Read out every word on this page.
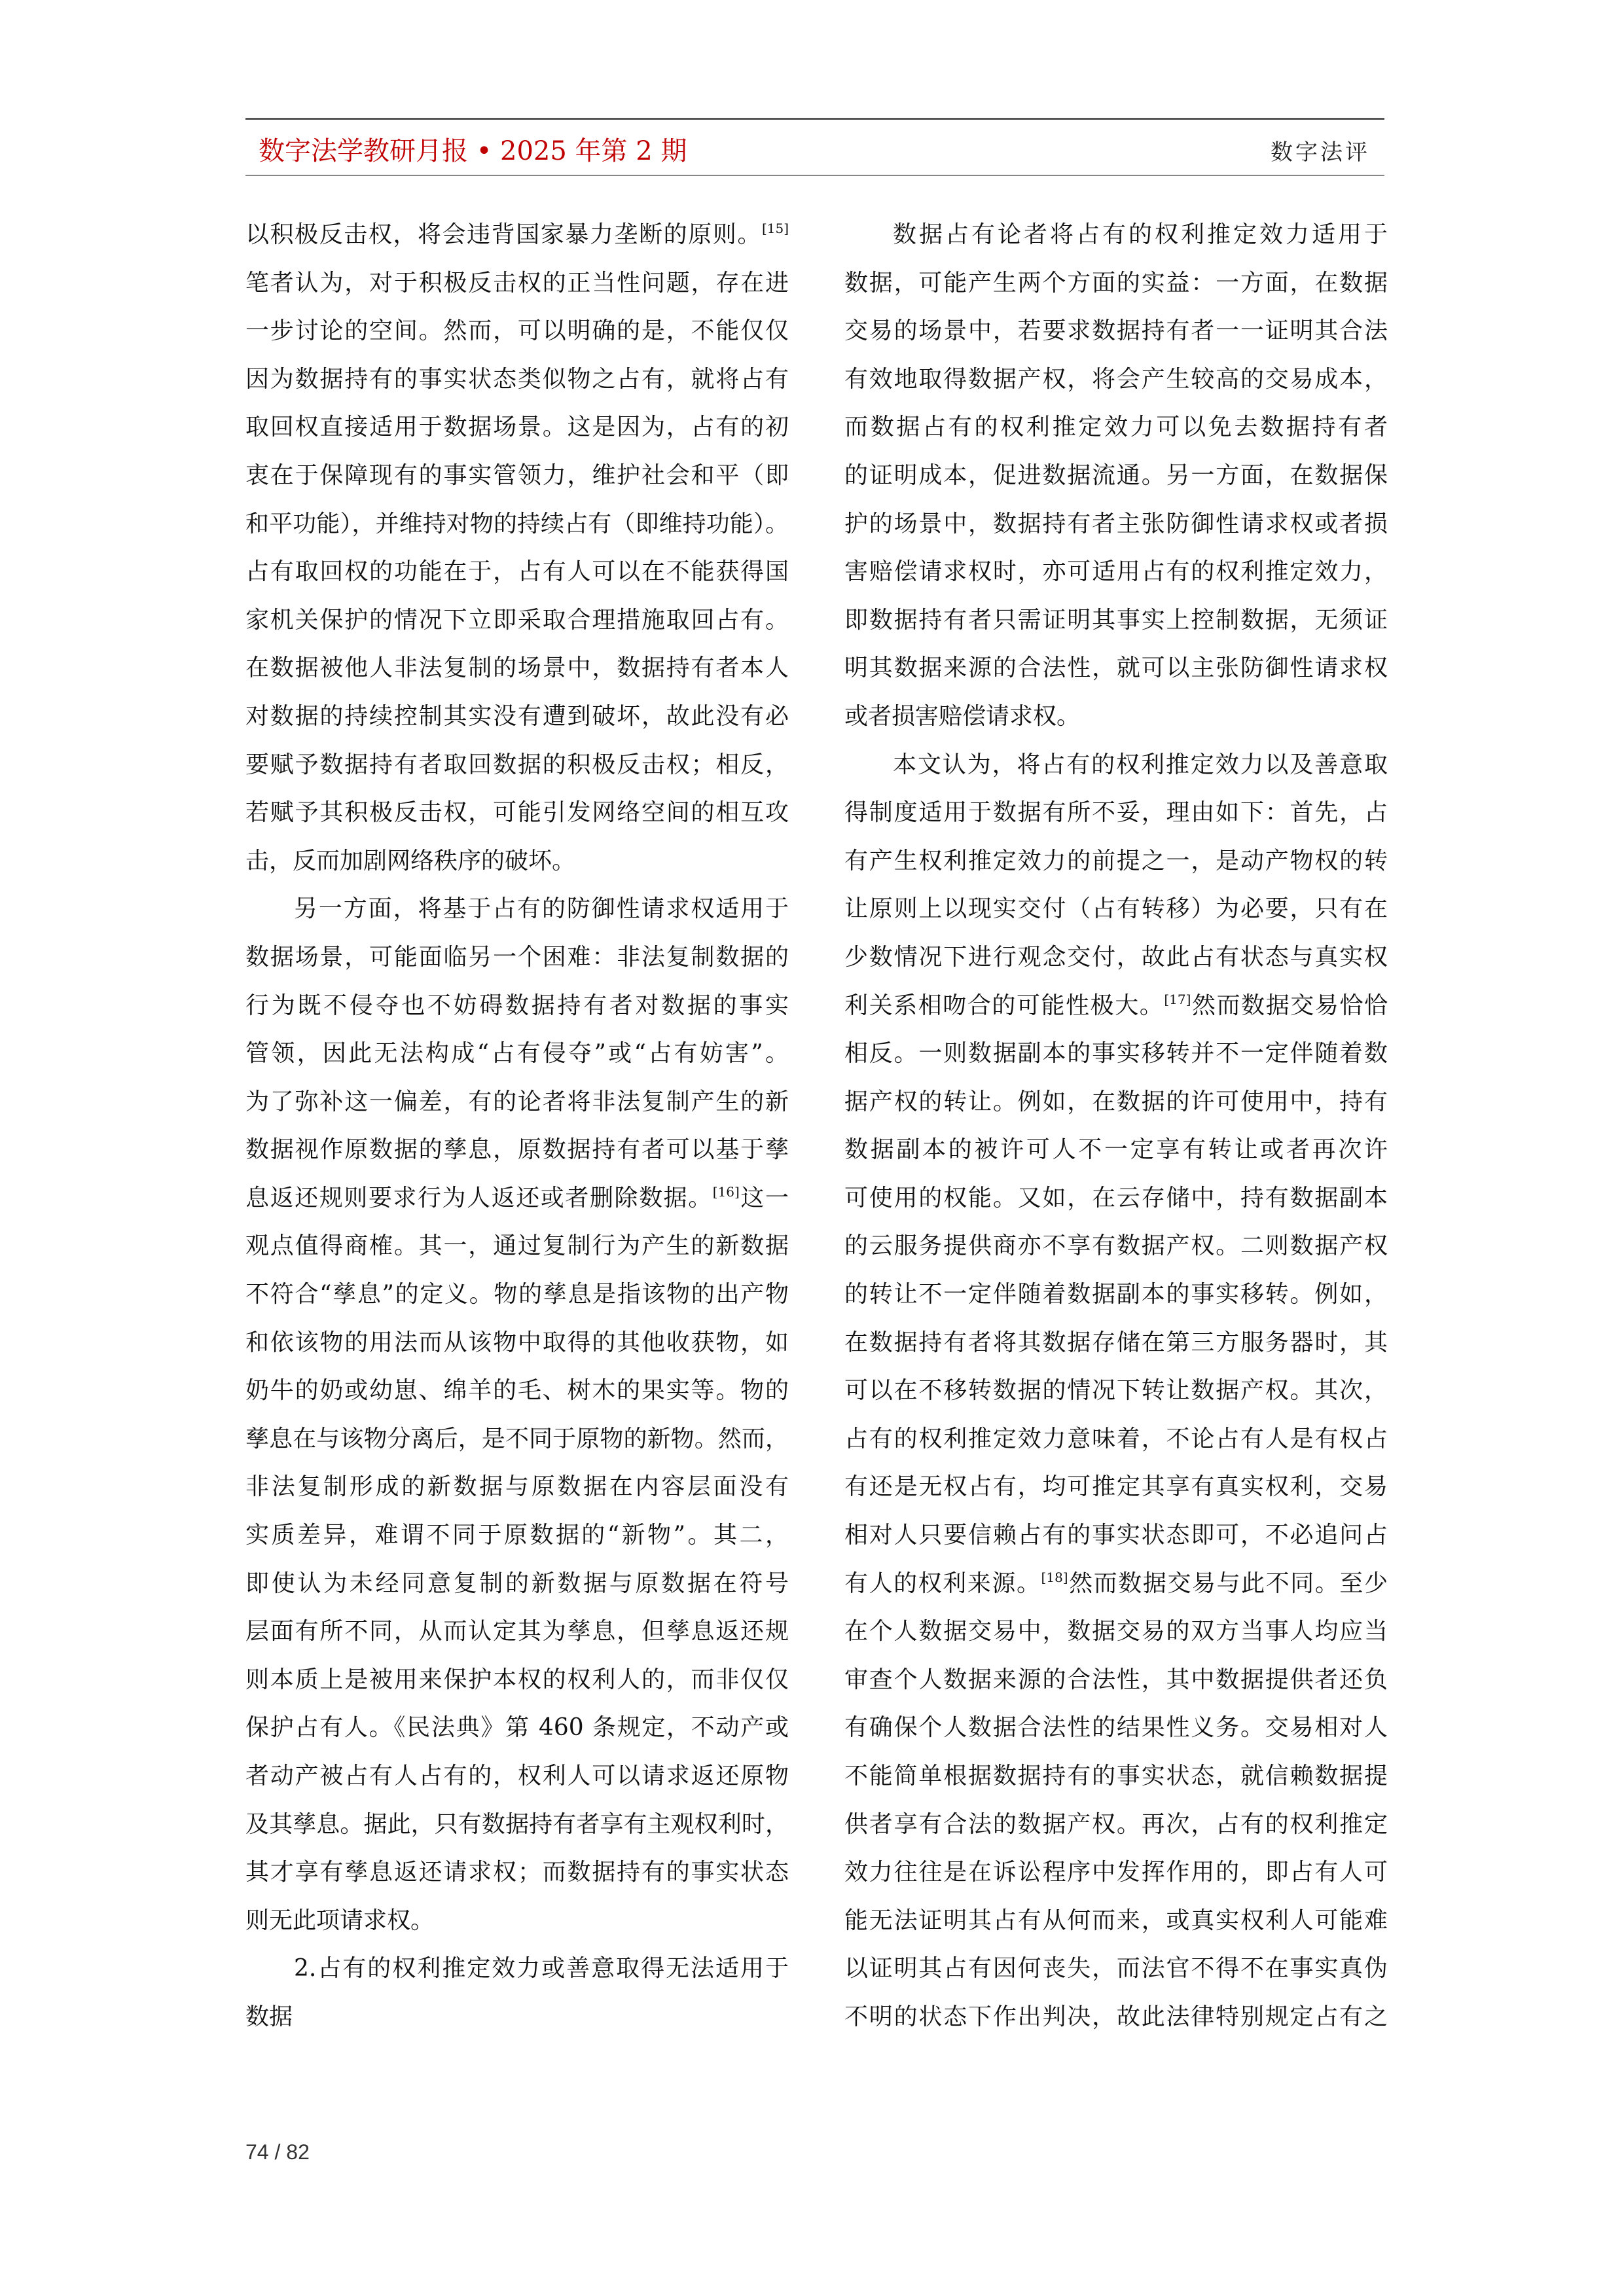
数字法学教研月报 • 2025 年第 2 期	数字法评
以积极反击权，将会违背国家暴力垄断的原则。[15]
笔者认为，对于积极反击权的正当性问题，存在进
一步讨论的空间。然而，可以明确的是，不能仅仅
因为数据持有的事实状态类似物之占有，就将占有
取回权直接适用于数据场景。这是因为，占有的初
衷在于保障现有的事实管领力，维护社会和平（即
和平功能），并维持对物的持续占有（即维持功能）。
占有取回权的功能在于，占有人可以在不能获得国
家机关保护的情况下立即采取合理措施取回占有。
在数据被他人非法复制的场景中，数据持有者本人
对数据的持续控制其实没有遭到破坏，故此没有必
要赋予数据持有者取回数据的积极反击权；相反，
若赋予其积极反击权，可能引发网络空间的相互攻
击，反而加剧网络秩序的破坏。
另一方面，将基于占有的防御性请求权适用于
数据场景，可能面临另一个困难：非法复制数据的
行为既不侵夺也不妨碍数据持有者对数据的事实
管领，因此无法构成“占有侵夺”或“占有妨害”。
为了弥补这一偏差，有的论者将非法复制产生的新
数据视作原数据的孳息，原数据持有者可以基于孳
息返还规则要求行为人返还或者删除数据。[16]这一
观点值得商榷。其一，通过复制行为产生的新数据
不符合“孳息”的定义。物的孳息是指该物的出产物
和依该物的用法而从该物中取得的其他收获物，如
奶牛的奶或幼崽、绵羊的毛、树木的果实等。物的
孳息在与该物分离后，是不同于原物的新物。然而，
非法复制形成的新数据与原数据在内容层面没有
实质差异，难谓不同于原数据的“新物”。其二，
即使认为未经同意复制的新数据与原数据在符号
层面有所不同，从而认定其为孳息，但孳息返还规
则本质上是被用来保护本权的权利人的，而非仅仅
保护占有人。《民法典》第 460 条规定，不动产或
者动产被占有人占有的，权利人可以请求返还原物
及其孳息。据此，只有数据持有者享有主观权利时，
其才享有孳息返还请求权；而数据持有的事实状态
则无此项请求权。
2.占有的权利推定效力或善意取得无法适用于
数据
数据占有论者将占有的权利推定效力适用于
数据，可能产生两个方面的实益：一方面，在数据
交易的场景中，若要求数据持有者一一证明其合法
有效地取得数据产权，将会产生较高的交易成本，
而数据占有的权利推定效力可以免去数据持有者
的证明成本，促进数据流通。另一方面，在数据保
护的场景中，数据持有者主张防御性请求权或者损
害赔偿请求权时，亦可适用占有的权利推定效力，
即数据持有者只需证明其事实上控制数据，无须证
明其数据来源的合法性，就可以主张防御性请求权
或者损害赔偿请求权。
本文认为，将占有的权利推定效力以及善意取
得制度适用于数据有所不妥，理由如下：首先，占
有产生权利推定效力的前提之一，是动产物权的转
让原则上以现实交付（占有转移）为必要，只有在
少数情况下进行观念交付，故此占有状态与真实权
利关系相吻合的可能性极大。[17]然而数据交易恰恰
相反。一则数据副本的事实移转并不一定伴随着数
据产权的转让。例如，在数据的许可使用中，持有
数据副本的被许可人不一定享有转让或者再次许
可使用的权能。又如，在云存储中，持有数据副本
的云服务提供商亦不享有数据产权。二则数据产权
的转让不一定伴随着数据副本的事实移转。例如，
在数据持有者将其数据存储在第三方服务器时，其
可以在不移转数据的情况下转让数据产权。其次，
占有的权利推定效力意味着，不论占有人是有权占
有还是无权占有，均可推定其享有真实权利，交易
相对人只要信赖占有的事实状态即可，不必追问占
有人的权利来源。[18]然而数据交易与此不同。至少
在个人数据交易中，数据交易的双方当事人均应当
审查个人数据来源的合法性，其中数据提供者还负
有确保个人数据合法性的结果性义务。交易相对人
不能简单根据数据持有的事实状态，就信赖数据提
供者享有合法的数据产权。再次，占有的权利推定
效力往往是在诉讼程序中发挥作用的，即占有人可
能无法证明其占有从何而来，或真实权利人可能难
以证明其占有因何丧失，而法官不得不在事实真伪
不明的状态下作出判决，故此法律特别规定占有之
74 / 82
